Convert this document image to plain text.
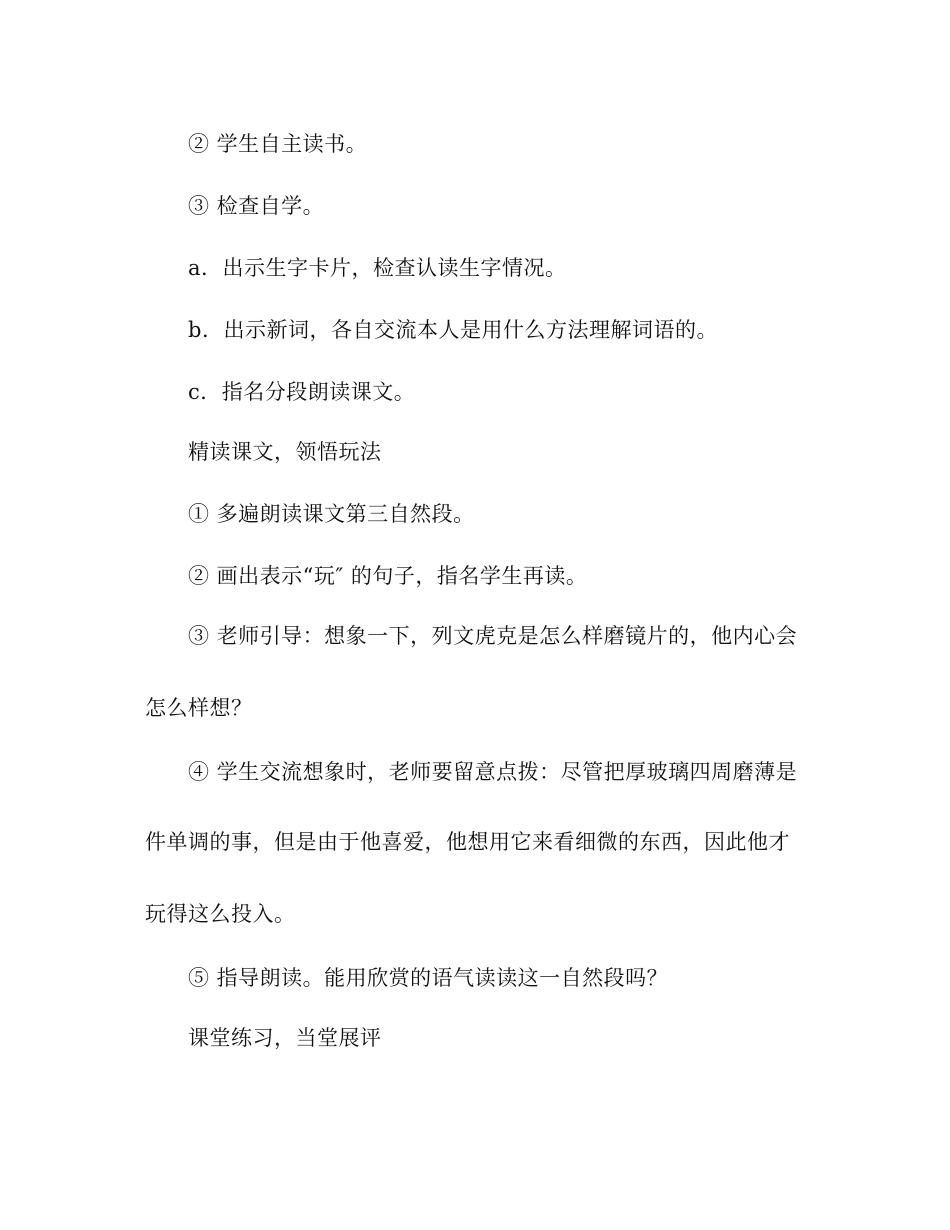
② 学生自主读书。
③ 检查自学。
a．出示生字卡片，检查认读生字情况。
b．出示新词，各自交流本人是用什么方法理解词语的。
c．指名分段朗读课文。
精读课文，领悟玩法
① 多遍朗读课文第三自然段。
② 画出表示“玩″ 的句子，指名学生再读。
③ 老师引导：想象一下，列文虎克是怎么样磨镜片的，他内心会
怎么样想？
④ 学生交流想象时，老师要留意点拨：尽管把厚玻璃四周磨薄是
件单调的事，但是由于他喜爱，他想用它来看细微的东西，因此他才
玩得这么投入。
⑤ 指导朗读。能用欣赏的语气读读这一自然段吗？
课堂练习，当堂展评
